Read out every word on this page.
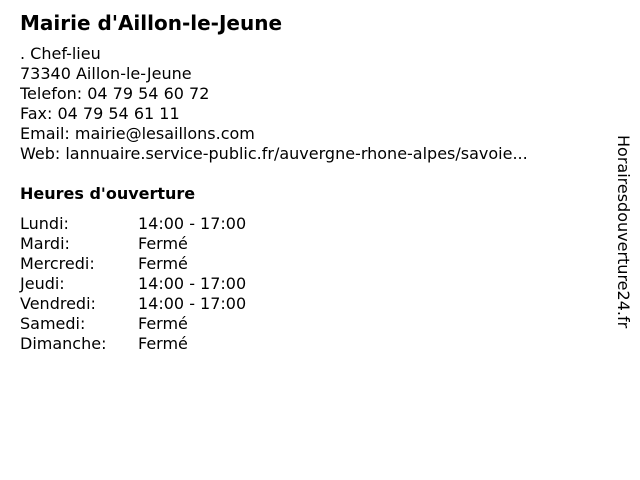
Mairie d'Aillon-le-Jeune
. Chef-lieu
73340 Aillon-le-Jeune
Telefon: 04 79 54 60 72
Fax: 04 79 54 61 11
Email: mairie@lesaillons.com
Web: lannuaire.service-public.fr/auvergne-rhone-alpes/savoie...
Heures d'ouverture
Lundi:	14:00 - 17:00
Mardi:	Fermé
Mercredi:	Fermé
Jeudi:	14:00 - 17:00
Vendredi:	14:00 - 17:00
Samedi:	Fermé
Dimanche:	Fermé
Horairesdouverture24.fr
